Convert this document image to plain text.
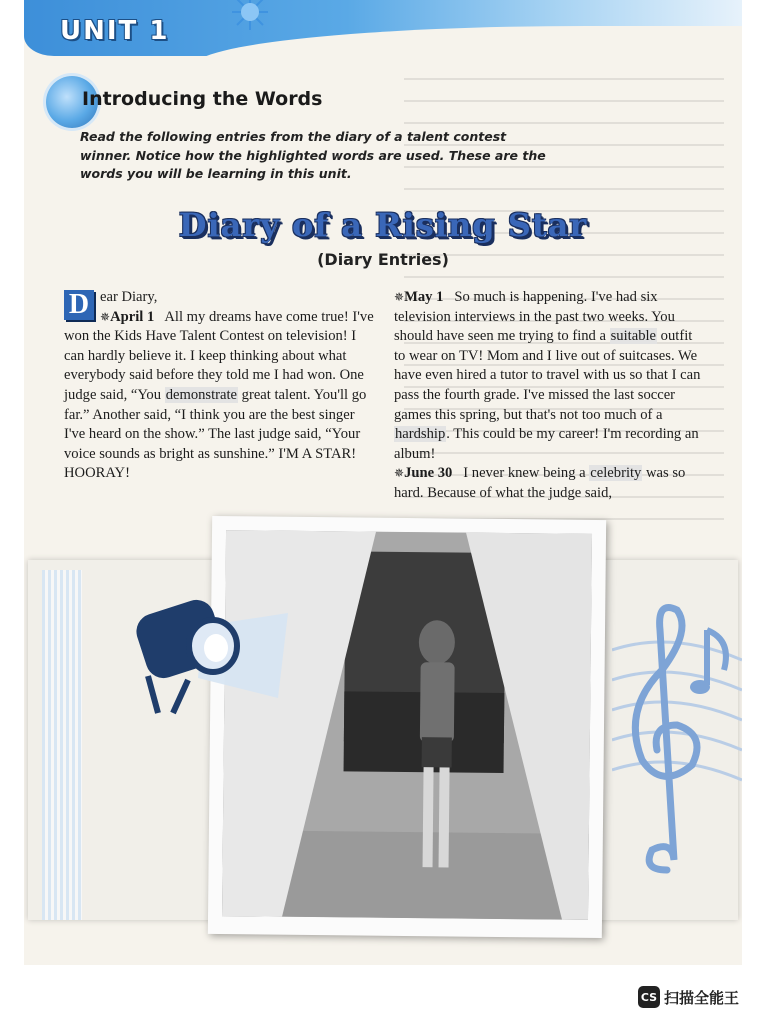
UNIT 1
Introducing the Words
Read the following entries from the diary of a talent contest winner. Notice how the highlighted words are used. These are the words you will be learning in this unit.
Diary of a Rising Star
(Diary Entries)

D ear Diary,
✵April 1 All my dreams have come true! I've won the Kids Have Talent Contest on television! I can hardly believe it. I keep thinking about what everybody said before they told me I had won. One judge said, “You demonstrate great talent. You'll go far.” Another said, “I think you are the best singer I've heard on the show.” The last judge said, “Your voice sounds as bright as sunshine.” I'M A STAR! HOORAY!

✵May 1 So much is happening. I've had six television interviews in the past two weeks. You should have seen me trying to find a suitable outfit to wear on TV! Mom and I live out of suitcases. We have even hired a tutor to travel with us so that I can pass the fourth grade. I've missed the last soccer games this spring, but that's not too much of a hardship. This could be my career! I'm recording an album!
✵June 30 I never knew being a celebrity was so hard. Because of what the judge said,

CS 扫描全能王
